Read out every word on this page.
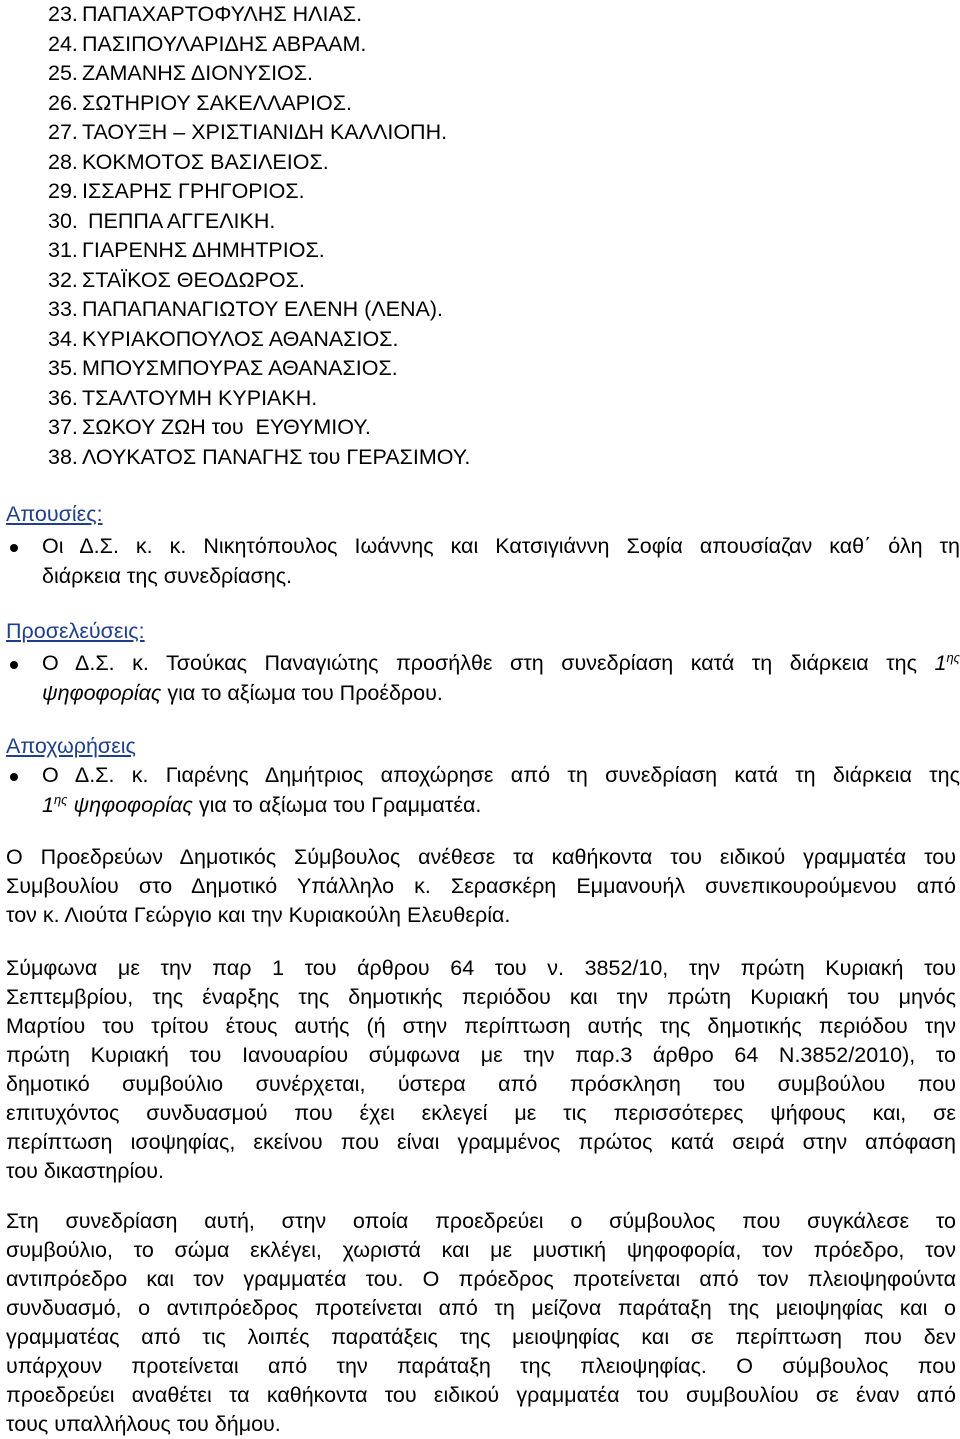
23. ΠΑΠΑΧΑΡΤΟΦΥΛΗΣ ΗΛΙΑΣ.
24. ΠΑΣΙΠΟΥΛΑΡΙΔΗΣ ΑΒΡΑΑΜ.
25. ΖΑΜΑΝΗΣ ΔΙΟΝΥΣΙΟΣ.
26. ΣΩΤΗΡΙΟΥ ΣΑΚΕΛΛΑΡΙΟΣ.
27. ΤΑΟΥΞΗ – ΧΡΙΣΤΙΑΝΙΔΗ ΚΑΛΛΙΟΠΗ.
28. ΚΟΚΜΟΤΟΣ ΒΑΣΙΛΕΙΟΣ.
29. ΙΣΣΑΡΗΣ ΓΡΗΓΟΡΙΟΣ.
30. ΠΕΠΠΑ ΑΓΓΕΛΙΚΗ.
31. ΓΙΑΡΕΝΗΣ ΔΗΜΗΤΡΙΟΣ.
32. ΣΤΑΪΚΟΣ ΘΕΟΔΩΡΟΣ.
33. ΠΑΠΑΠΑΝΑΓΙΩΤΟΥ ΕΛΕΝΗ (ΛΕΝΑ).
34. ΚΥΡΙΑΚΟΠΟΥΛΟΣ ΑΘΑΝΑΣΙΟΣ.
35. ΜΠΟΥΣΜΠΟΥΡΑΣ ΑΘΑΝΑΣΙΟΣ.
36. ΤΣΑΛΤΟΥΜΗ ΚΥΡΙΑΚΗ.
37. ΣΩΚΟΥ ΖΩΗ του  ΕΥΘΥΜΙΟΥ.
38. ΛΟΥΚΑΤΟΣ ΠΑΝΑΓΗΣ του ΓΕΡΑΣΙΜΟΥ.
Απουσίες:
Οι Δ.Σ. κ. κ. Νικητόπουλος Ιωάννης και Κατσιγιάννη Σοφία απουσίαζαν καθ΄ όλη τη
διάρκεια της συνεδρίασης.
Προσελεύσεις:
Ο Δ.Σ. κ. Τσούκας Παναγιώτης προσήλθε στη συνεδρίαση κατά τη διάρκεια της $1^{\eta\varsigma}$
ψηφοφορίας για το αξίωμα του Προέδρου.
Αποχωρήσεις
Ο Δ.Σ. κ. Γιαρένης Δημήτριος αποχώρησε από τη συνεδρίαση κατά τη διάρκεια της
$1^{\eta\varsigma}$ ψηφοφορίας για το αξίωμα του Γραμματέα.
Ο Προεδρεύων Δημοτικός Σύμβουλος ανέθεσε τα καθήκοντα του ειδικού γραμματέα του
Συμβουλίου στο Δημοτικό Υπάλληλο κ. Σερασκέρη Εμμανουήλ συνεπικουρούμενου από
τον κ. Λιούτα Γεώργιο και την Κυριακούλη Ελευθερία.
Σύμφωνα με την παρ 1 του άρθρου 64 του ν. 3852/10, την πρώτη Κυριακή του
Σεπτεμβρίου, της έναρξης της δημοτικής περιόδου και την πρώτη Κυριακή του μηνός
Μαρτίου του τρίτου έτους αυτής (ή στην περίπτωση αυτής της δημοτικής περιόδου την
πρώτη Κυριακή του Ιανουαρίου σύμφωνα με την παρ.3 άρθρο 64 Ν.3852/2010), το
δημοτικό συμβούλιο συνέρχεται, ύστερα από πρόσκληση του συμβούλου που
επιτυχόντος συνδυασμού που έχει εκλεγεί με τις περισσότερες ψήφους και, σε
περίπτωση ισοψηφίας, εκείνου που είναι γραμμένος πρώτος κατά σειρά στην απόφαση
του δικαστηρίου.
Στη συνεδρίαση αυτή, στην οποία προεδρεύει ο σύμβουλος που συγκάλεσε το
συμβούλιο, το σώμα εκλέγει, χωριστά και με μυστική ψηφοφορία, τον πρόεδρο, τον
αντιπρόεδρο και τον γραμματέα του. Ο πρόεδρος προτείνεται από τον πλειοψηφούντα
συνδυασμό, ο αντιπρόεδρος προτείνεται από τη μείζονα παράταξη της μειοψηφίας και ο
γραμματέας από τις λοιπές παρατάξεις της μειοψηφίας και σε περίπτωση που δεν
υπάρχουν προτείνεται από την παράταξη της πλειοψηφίας. Ο σύμβουλος που
προεδρεύει αναθέτει τα καθήκοντα του ειδικού γραμματέα του συμβουλίου σε έναν από
τους υπαλλήλους του δήμου.
